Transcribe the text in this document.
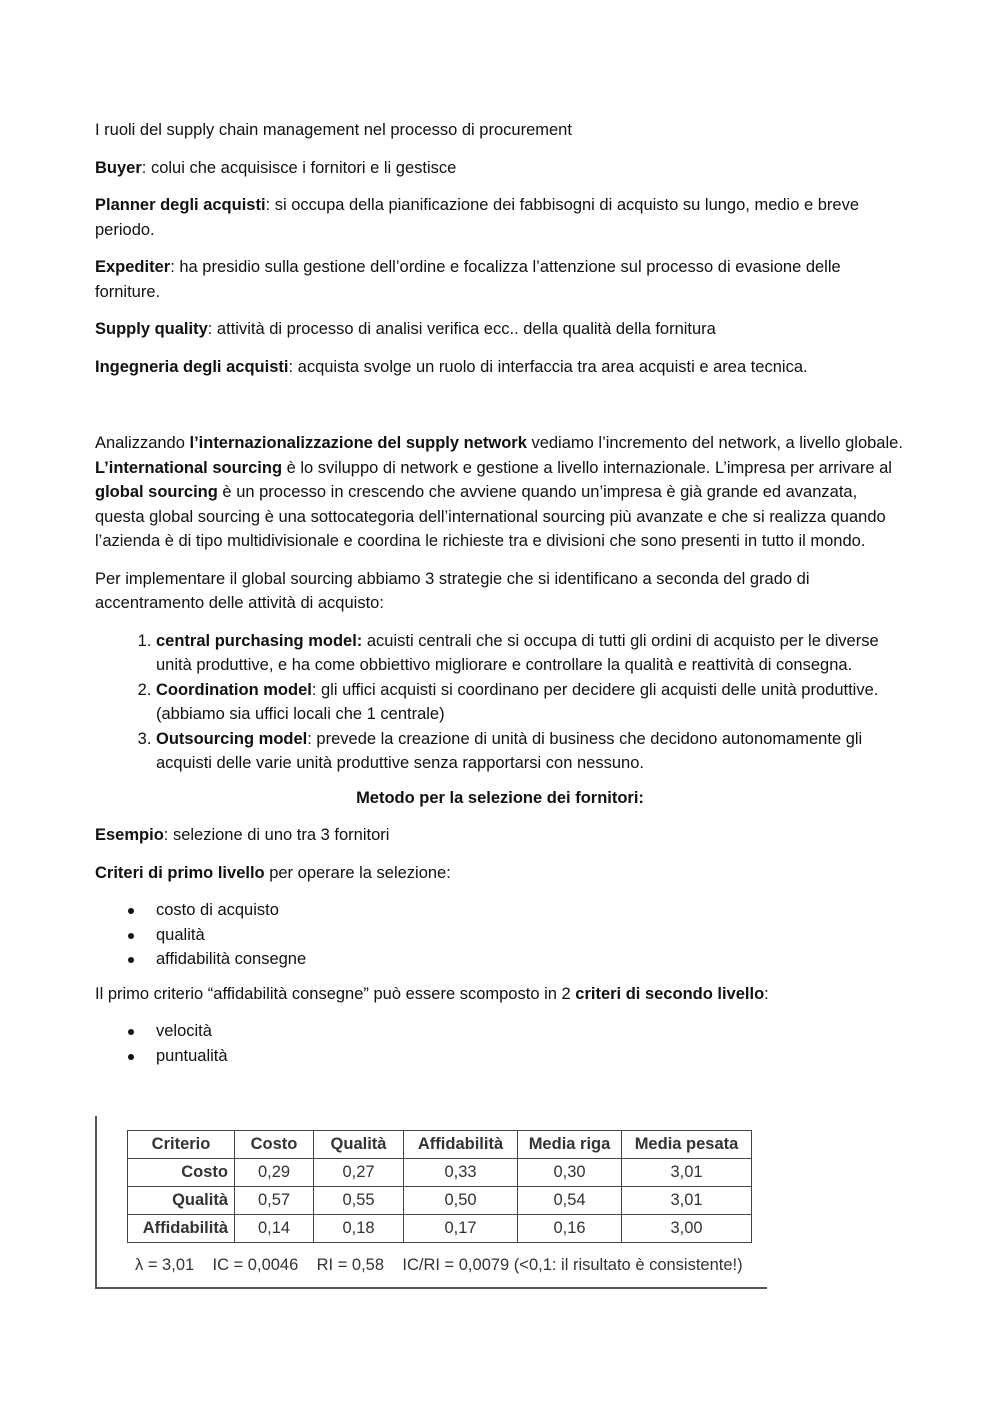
I ruoli del supply chain management nel processo di procurement

Buyer: colui che acquisisce i fornitori e li gestisce

Planner degli acquisti: si occupa della pianificazione dei fabbisogni di acquisto su lungo, medio e breve periodo.

Expediter: ha presidio sulla gestione dell’ordine e focalizza l’attenzione sul processo di evasione delle forniture.

Supply quality: attività di processo di analisi verifica ecc.. della qualità della fornitura

Ingegneria degli acquisti: acquista svolge un ruolo di interfaccia tra area acquisti e area tecnica.

Analizzando l’internazionalizzazione del supply network vediamo l’incremento del network, a livello globale. L’international sourcing è lo sviluppo di network e gestione a livello internazionale. L’impresa per arrivare al global sourcing è un processo in crescendo che avviene quando un’impresa è già grande ed avanzata, questa global sourcing è una sottocategoria dell’international sourcing più avanzate e che si realizza quando l’azienda è di tipo multidivisionale e coordina le richieste tra e divisioni che sono presenti in tutto il mondo.

Per implementare il global sourcing abbiamo 3 strategie che si identificano a seconda del grado di accentramento delle attività di acquisto:

1. central purchasing model: acuisti centrali che si occupa di tutti gli ordini di acquisto per le diverse unità produttive, e ha come obbiettivo migliorare e controllare la qualità e reattività di consegna.
2. Coordination model: gli uffici acquisti si coordinano per decidere gli acquisti delle unità produttive. (abbiamo sia uffici locali che 1 centrale)
3. Outsourcing model: prevede la creazione di unità di business che decidono autonomamente gli acquisti delle varie unità produttive senza rapportarsi con nessuno.

Metodo per la selezione dei fornitori:

Esempio: selezione di uno tra 3 fornitori

Criteri di primo livello per operare la selezione:

costo di acquisto
qualità
affidabilità consegne

Il primo criterio “affidabilità consegne” può essere scomposto in 2 criteri di secondo livello:

velocità
puntualità
Criterio	Costo	Qualità	Affidabilità	Media riga	Media pesata
Costo	0,29	0,27	0,33	0,30	3,01
Qualità	0,57	0,55	0,50	0,54	3,01
Affidabilità	0,14	0,18	0,17	0,16	3,00
λ = 3,01    IC = 0,0046    RI = 0,58    IC/RI = 0,0079 (<0,1: il risultato è consistente!)
